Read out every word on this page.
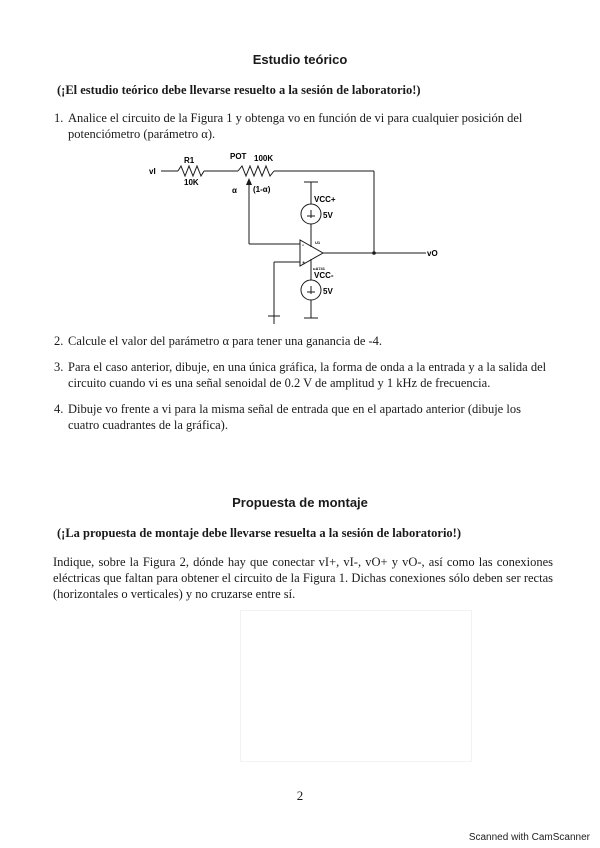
Estudio teórico
(¡El estudio teórico debe llevarse resuelto a la sesión de laboratorio!)
1. Analice el circuito de la Figura 1 y obtenga vo en función de vi para cualquier posición del potenciómetro (parámetro α).
-
+
vI
R1
10K
POT 100K
α (1-α)
VCC+
5V
VCC-
5V
U1
uA741
vO
2. Calcule el valor del parámetro α para tener una ganancia de -4.
3. Para el caso anterior, dibuje, en una única gráfica, la forma de onda a la entrada y a la salida del circuito cuando vi es una señal senoidal de 0.2 V de amplitud y 1 kHz de frecuencia.
4. Dibuje vo frente a vi para la misma señal de entrada que en el apartado anterior (dibuje los cuatro cuadrantes de la gráfica).
Propuesta de montaje
(¡La propuesta de montaje debe llevarse resuelta a la sesión de laboratorio!)
Indique, sobre la Figura 2, dónde hay que conectar vI+, vI-, vO+ y vO-, así como las conexiones eléctricas que faltan para obtener el circuito de la Figura 1. Dichas conexiones sólo deben ser rectas (horizontales o verticales) y no cruzarse entre sí.
2
Scanned with CamScanner
